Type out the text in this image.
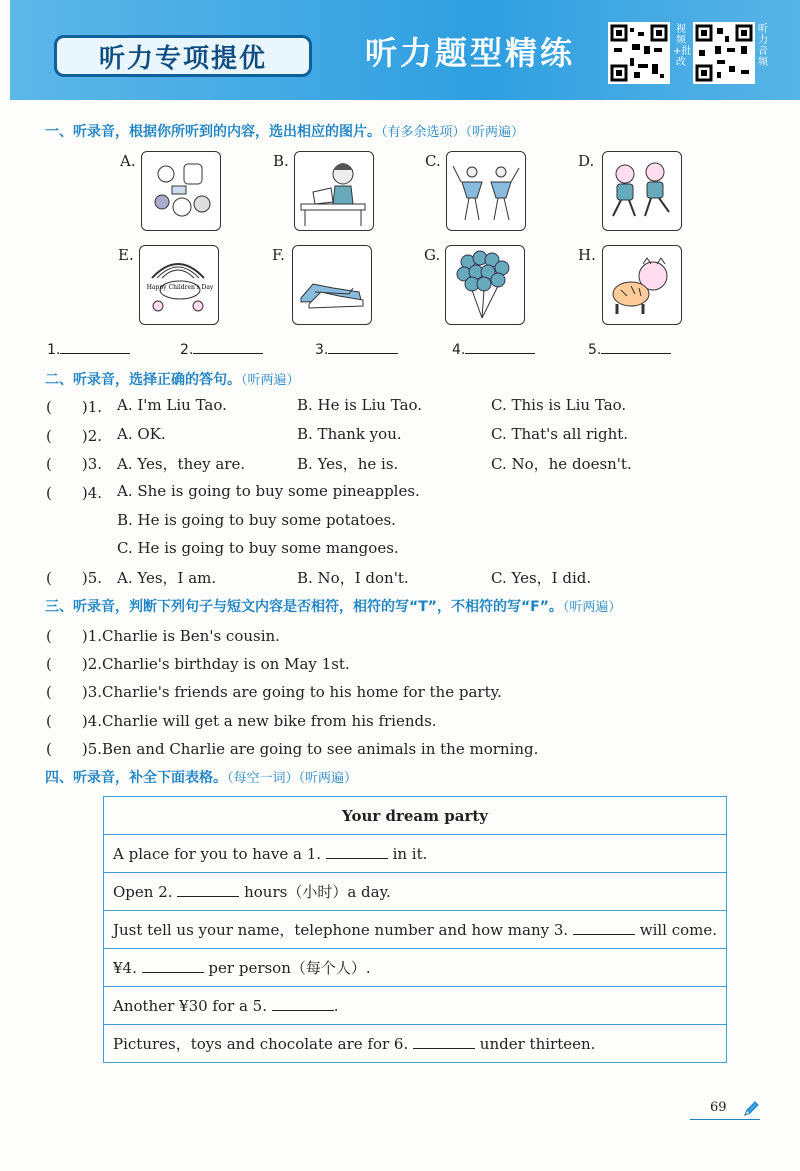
听力专项提优	听力题型精练
视频+批改
听力音频
一、听录音，根据你所听到的内容，选出相应的图片。（有多余选项）（听两遍）
A.	B.	C.	D.
E.
Happy Children's Day
F.	G.	H.
1.	2.	3.	4.	5.
二、听录音，选择正确的答句。（听两遍）
(　　)1. A. I'm Liu Tao.	B. He is Liu Tao.	C. This is Liu Tao.
(　　)2. A. OK.	B. Thank you.	C. That's all right.
(　　)3. A. Yes，they are.	B. Yes，he is.	C. No，he doesn't.
(　　)4. A. She is going to buy some pineapples.
B. He is going to buy some potatoes.
C. He is going to buy some mangoes.
(　　)5. A. Yes，I am.	B. No，I don't.	C. Yes，I did.
三、听录音，判断下列句子与短文内容是否相符，相符的写“T”，不相符的写“F”。（听两遍）
(　　)1.Charlie is Ben's cousin.
(　　)2.Charlie's birthday is on May 1st.
(　　)3.Charlie's friends are going to his home for the party.
(　　)4.Charlie will get a new bike from his friends.
(　　)5.Ben and Charlie are going to see animals in the morning.
四、听录音，补全下面表格。（每空一词）（听两遍）
Your dream party
A place for you to have a 1.	in it.
Open 2.	hours（小时）a day.
Just tell us your name，telephone number and how many 3.	will come.
¥4.	per person（每个人）.
Another ¥30 for a 5.	.
Pictures，toys and chocolate are for 6.	under thirteen.
69
